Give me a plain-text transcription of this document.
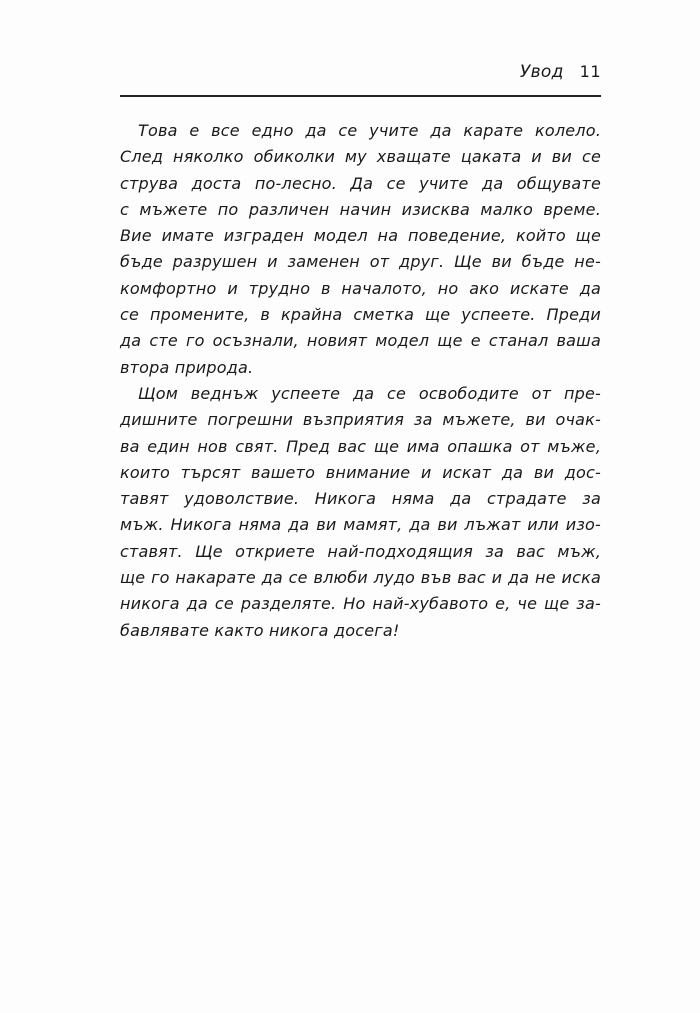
Увод 11

Това е все едно да се учите да карате колело.
След няколко обиколки му хващате цаката и ви се
струва доста по-лесно. Да се учите да общувате
с мъжете по различен начин изисква малко време.
Вие имате изграден модел на поведение, който ще
бъде разрушен и заменен от друг. Ще ви бъде не-
комфортно и трудно в началото, но ако искате да
се промените, в крайна сметка ще успеете. Преди
да сте го осъзнали, новият модел ще е станал ваша
втора природа.

Щом веднъж успеете да се освободите от пре-
дишните погрешни възприятия за мъжете, ви очак-
ва един нов свят. Пред вас ще има опашка от мъже,
които търсят вашето внимание и искат да ви дос-
тавят удоволствие. Никога няма да страдате за
мъж. Никога няма да ви мамят, да ви лъжат или изо-
ставят. Ще откриете най-подходящия за вас мъж,
ще го накарате да се влюби лудо във вас и да не иска
никога да се разделяте. Но най-хубавото е, че ще за-
бавлявате както никога досега!
